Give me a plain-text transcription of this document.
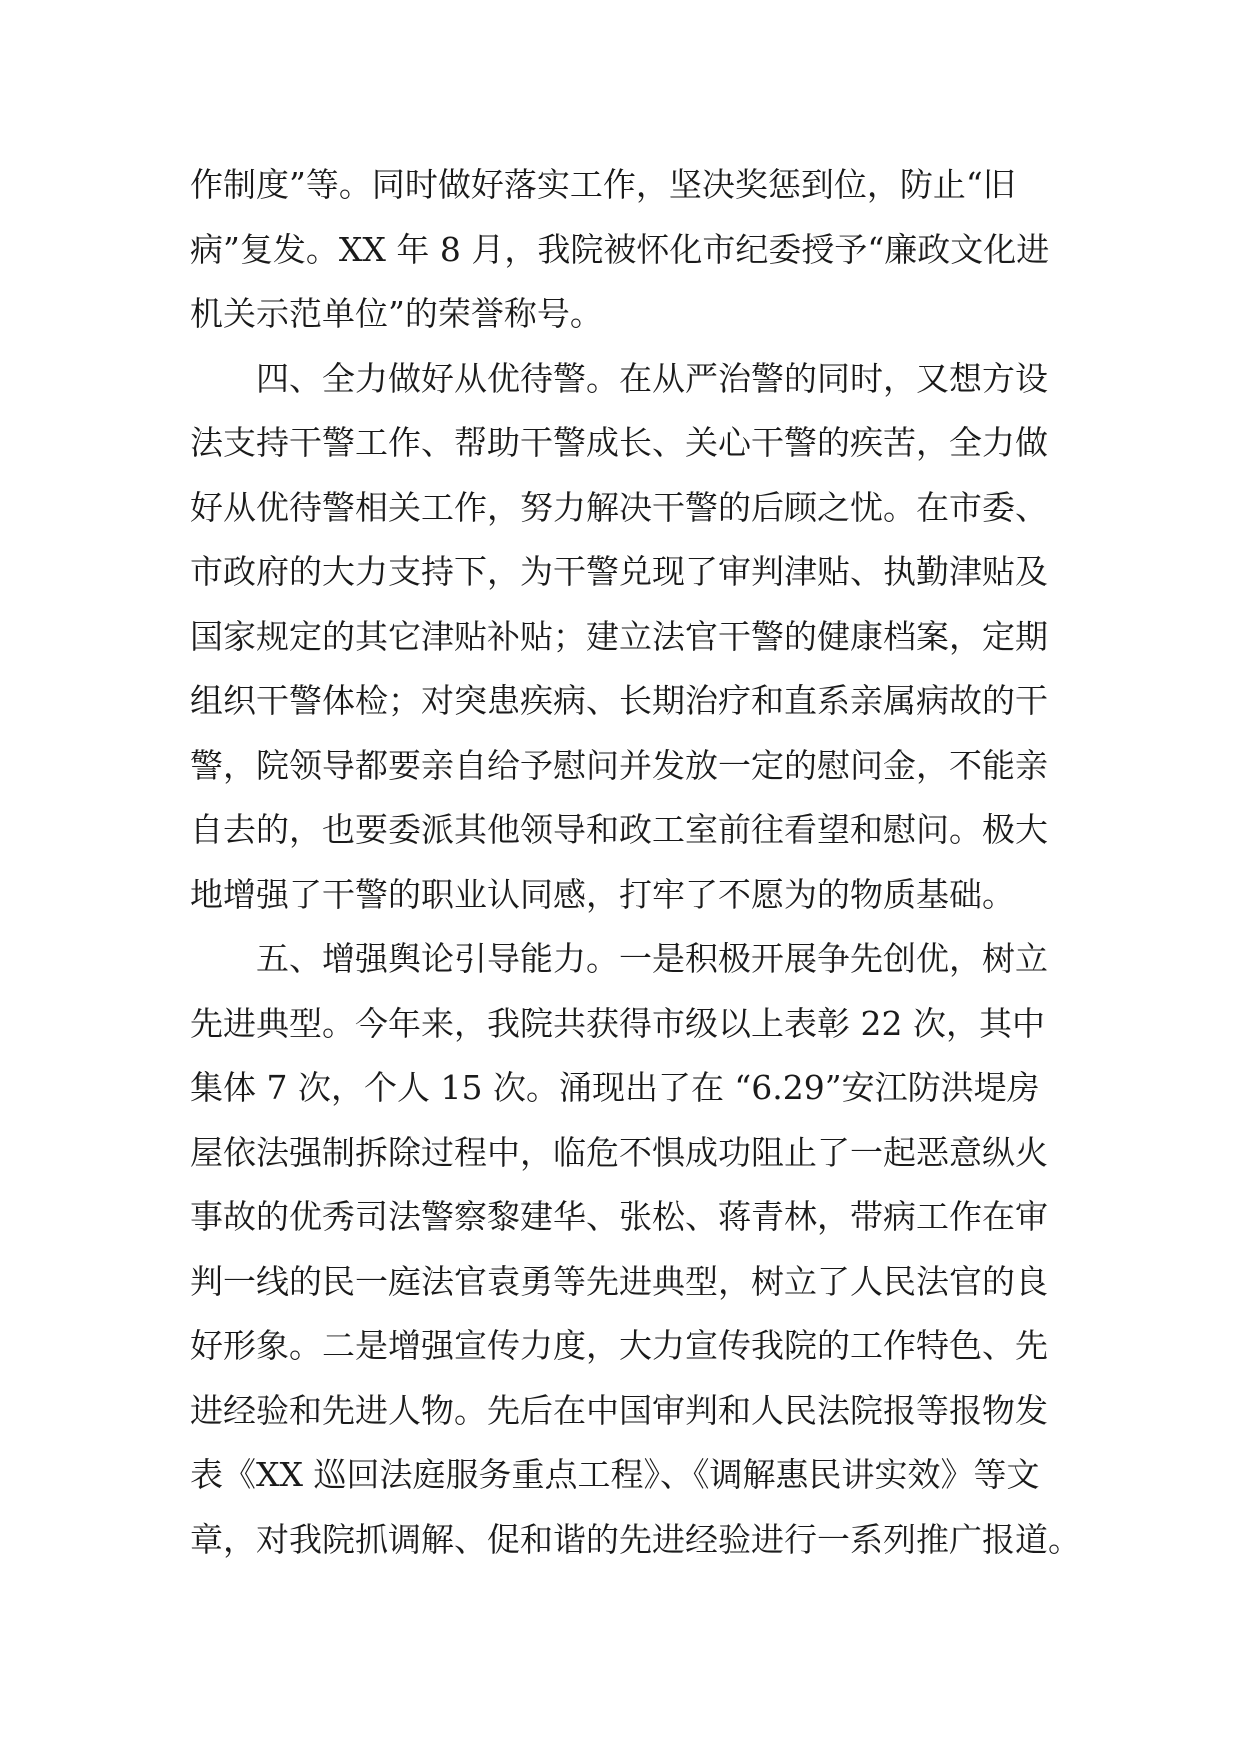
作制度”等。同时做好落实工作，坚决奖惩到位，防止“旧
病”复发。XX 年 8 月，我院被怀化市纪委授予“廉政文化进
机关示范单位”的荣誉称号。
四、全力做好从优待警。在从严治警的同时，又想方设
法支持干警工作、帮助干警成长、关心干警的疾苦，全力做
好从优待警相关工作，努力解决干警的后顾之忧。在市委、
市政府的大力支持下，为干警兑现了审判津贴、执勤津贴及
国家规定的其它津贴补贴；建立法官干警的健康档案，定期
组织干警体检；对突患疾病、长期治疗和直系亲属病故的干
警，院领导都要亲自给予慰问并发放一定的慰问金，不能亲
自去的，也要委派其他领导和政工室前往看望和慰问。极大
地增强了干警的职业认同感，打牢了不愿为的物质基础。
五、增强舆论引导能力。一是积极开展争先创优，树立
先进典型。今年来，我院共获得市级以上表彰 22 次，其中
集体 7 次，个人 15 次。涌现出了在 “6.29”安江防洪堤房
屋依法强制拆除过程中，临危不惧成功阻止了一起恶意纵火
事故的优秀司法警察黎建华、张松、蒋青林，带病工作在审
判一线的民一庭法官袁勇等先进典型，树立了人民法官的良
好形象。二是增强宣传力度，大力宣传我院的工作特色、先
进经验和先进人物。先后在中国审判和人民法院报等报物发
表《XX 巡回法庭服务重点工程》、《调解惠民讲实效》等文
章，对我院抓调解、促和谐的先进经验进行一系列推广报道。
